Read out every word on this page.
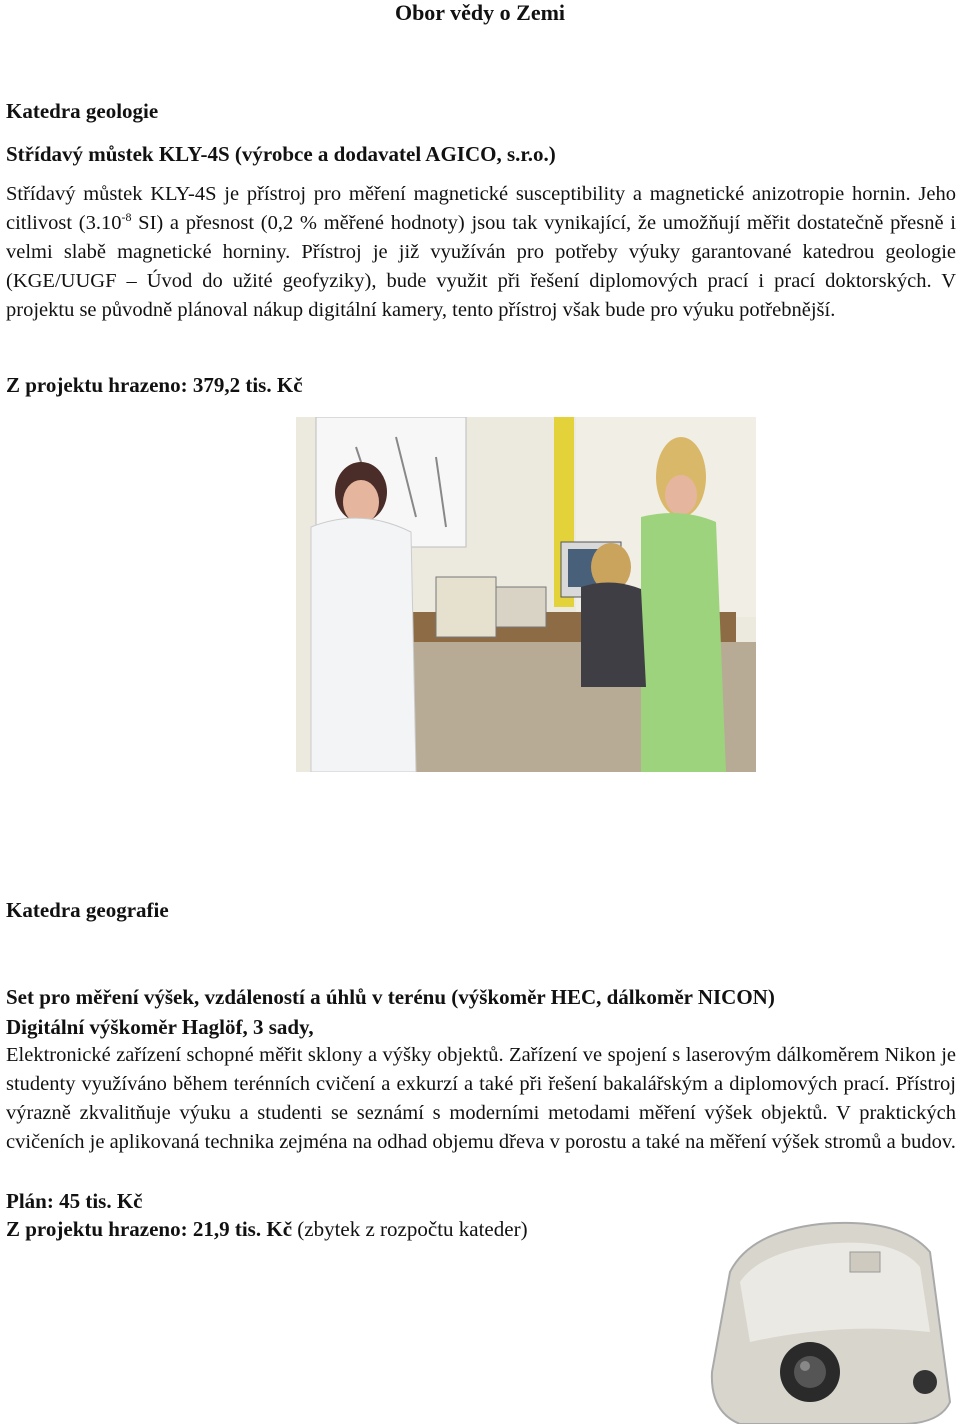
Obor vědy o Zemi
Katedra geologie
Střídavý můstek KLY-4S (výrobce a dodavatel AGICO, s.r.o.)
Střídavý můstek KLY-4S je přístroj pro měření magnetické susceptibility a magnetické anizotropie hornin. Jeho citlivost ($3.10^{-8}$ SI) a přesnost (0,2 % měřené hodnoty) jsou tak vynikající, že umožňují měřit dostatečně přesně i velmi slabě magnetické horniny. Přístroj je již využíván pro potřeby výuky garantované katedrou geologie (KGE/UUGF – Úvod do užité geofyziky), bude využit při řešení diplomových prací i prací doktorských. V projektu se původně plánoval nákup digitální kamery, tento přístroj však bude pro výuku potřebnější.
Z projektu hrazeno: 379,2 tis. Kč
Katedra geografie
Set pro měření výšek, vzdáleností a úhlů v terénu (výškoměr HEC, dálkoměr NICON)
Digitální výškoměr Haglöf, 3 sady,
Elektronické zařízení schopné měřit sklony a výšky objektů. Zařízení ve spojení s laserovým dálkoměrem Nikon je studenty využíváno během terénních cvičení a exkurzí a také při řešení bakalářským a diplomových prací. Přístroj výrazně zkvalitňuje výuku a studenti se seznámí s moderními metodami měření výšek objektů. V praktických cvičeních je aplikovaná technika zejména na odhad objemu dřeva v porostu a také na měření výšek stromů a budov.
Plán: 45 tis. Kč
Z projektu hrazeno: 21,9 tis. Kč (zbytek z rozpočtu kateder)
